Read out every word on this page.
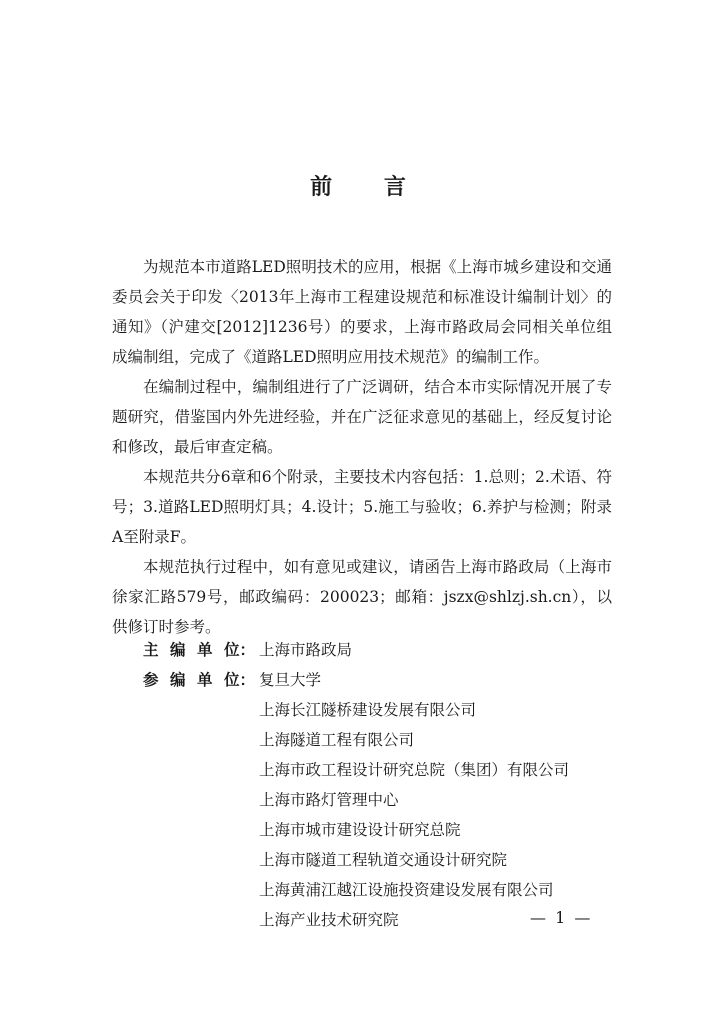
前 言

为规范本市道路LED照明技术的应用，根据《上海市城乡建设和交通委员会关于印发〈2013年上海市工程建设规范和标准设计编制计划〉的通知》（沪建交[2012]1236号）的要求，上海市路政局会同相关单位组成编制组，完成了《道路LED照明应用技术规范》的编制工作。

在编制过程中，编制组进行了广泛调研，结合本市实际情况开展了专题研究，借鉴国内外先进经验，并在广泛征求意见的基础上，经反复讨论和修改，最后审查定稿。

本规范共分6章和6个附录，主要技术内容包括：1.总则；2.术语、符号；3.道路LED照明灯具；4.设计；5.施工与验收；6.养护与检测；附录A至附录F。

本规范执行过程中，如有意见或建议，请函告上海市路政局（上海市徐家汇路579号，邮政编码：200023；邮箱：jszx@shlzj.sh.cn），以供修订时参考。

主 编 单 位： 上海市路政局
参 编 单 位： 复旦大学
上海长江隧桥建设发展有限公司
上海隧道工程有限公司
上海市政工程设计研究总院（集团）有限公司
上海市路灯管理中心
上海市城市建设设计研究总院
上海市隧道工程轨道交通设计研究院
上海黄浦江越江设施投资建设发展有限公司
上海产业技术研究院	— 1 —
